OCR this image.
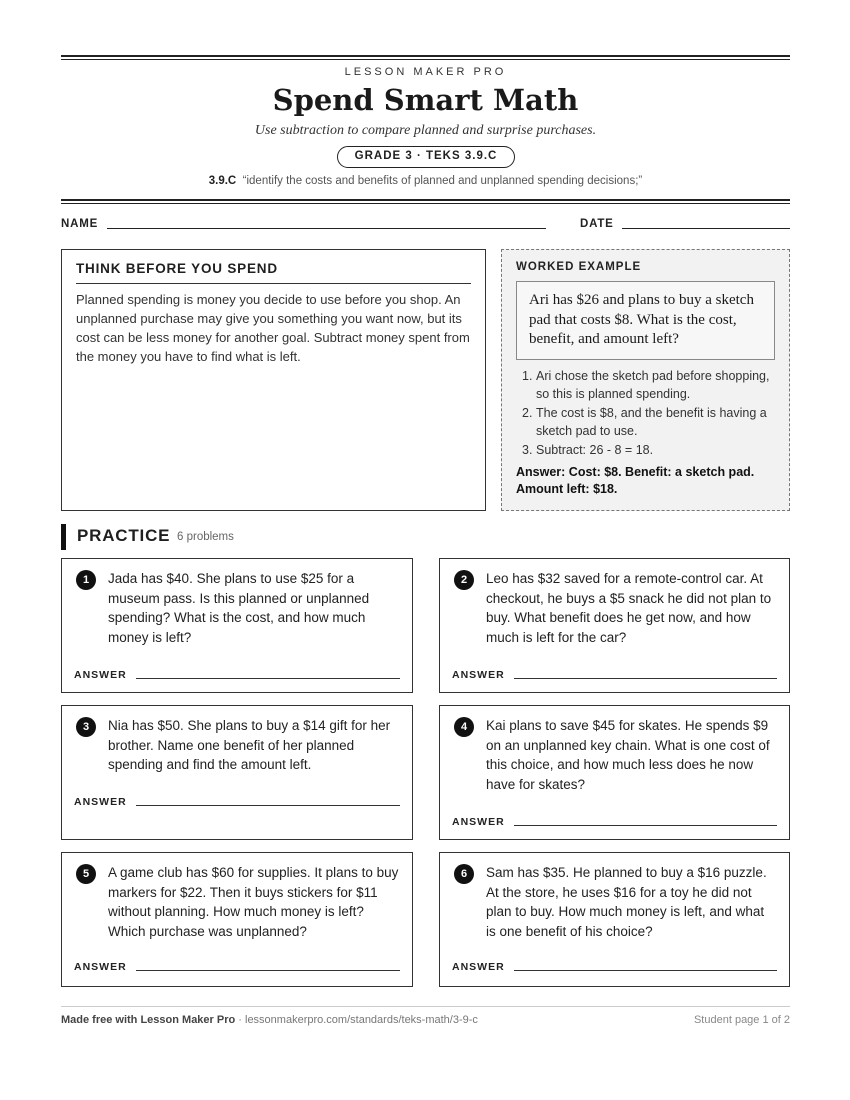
LESSON MAKER PRO
Spend Smart Math
Use subtraction to compare planned and surprise purchases.
GRADE 3 · TEKS 3.9.C
3.9.C “identify the costs and benefits of planned and unplanned spending decisions;”
NAME	DATE
THINK BEFORE YOU SPEND
Planned spending is money you decide to use before you shop. An unplanned purchase may give you something you want now, but its cost can be less money for another goal. Subtract money spent from the money you have to find what is left.
WORKED EXAMPLE
Ari has $26 and plans to buy a sketch pad that costs $8. What is the cost, benefit, and amount left?
1. Ari chose the sketch pad before shopping, so this is planned spending.
2. The cost is $8, and the benefit is having a sketch pad to use.
3. Subtract: 26 - 8 = 18.
Answer: Cost: $8. Benefit: a sketch pad. Amount left: $18.
PRACTICE 6 problems
1	Jada has $40. She plans to use $25 for a museum pass. Is this planned or unplanned spending? What is the cost, and how much money is left?
ANSWER
2	Leo has $32 saved for a remote-control car. At checkout, he buys a $5 snack he did not plan to buy. What benefit does he get now, and how much is left for the car?
ANSWER
3	Nia has $50. She plans to buy a $14 gift for her brother. Name one benefit of her planned spending and find the amount left.
ANSWER
4	Kai plans to save $45 for skates. He spends $9 on an unplanned key chain. What is one cost of this choice, and how much less does he now have for skates?
ANSWER
5	A game club has $60 for supplies. It plans to buy markers for $22. Then it buys stickers for $11 without planning. How much money is left? Which purchase was unplanned?
ANSWER
6	Sam has $35. He planned to buy a $16 puzzle. At the store, he uses $16 for a toy he did not plan to buy. How much money is left, and what is one benefit of his choice?
ANSWER
Made free with Lesson Maker Pro · lessonmakerpro.com/standards/teks-math/3-9-c	Student page 1 of 2
